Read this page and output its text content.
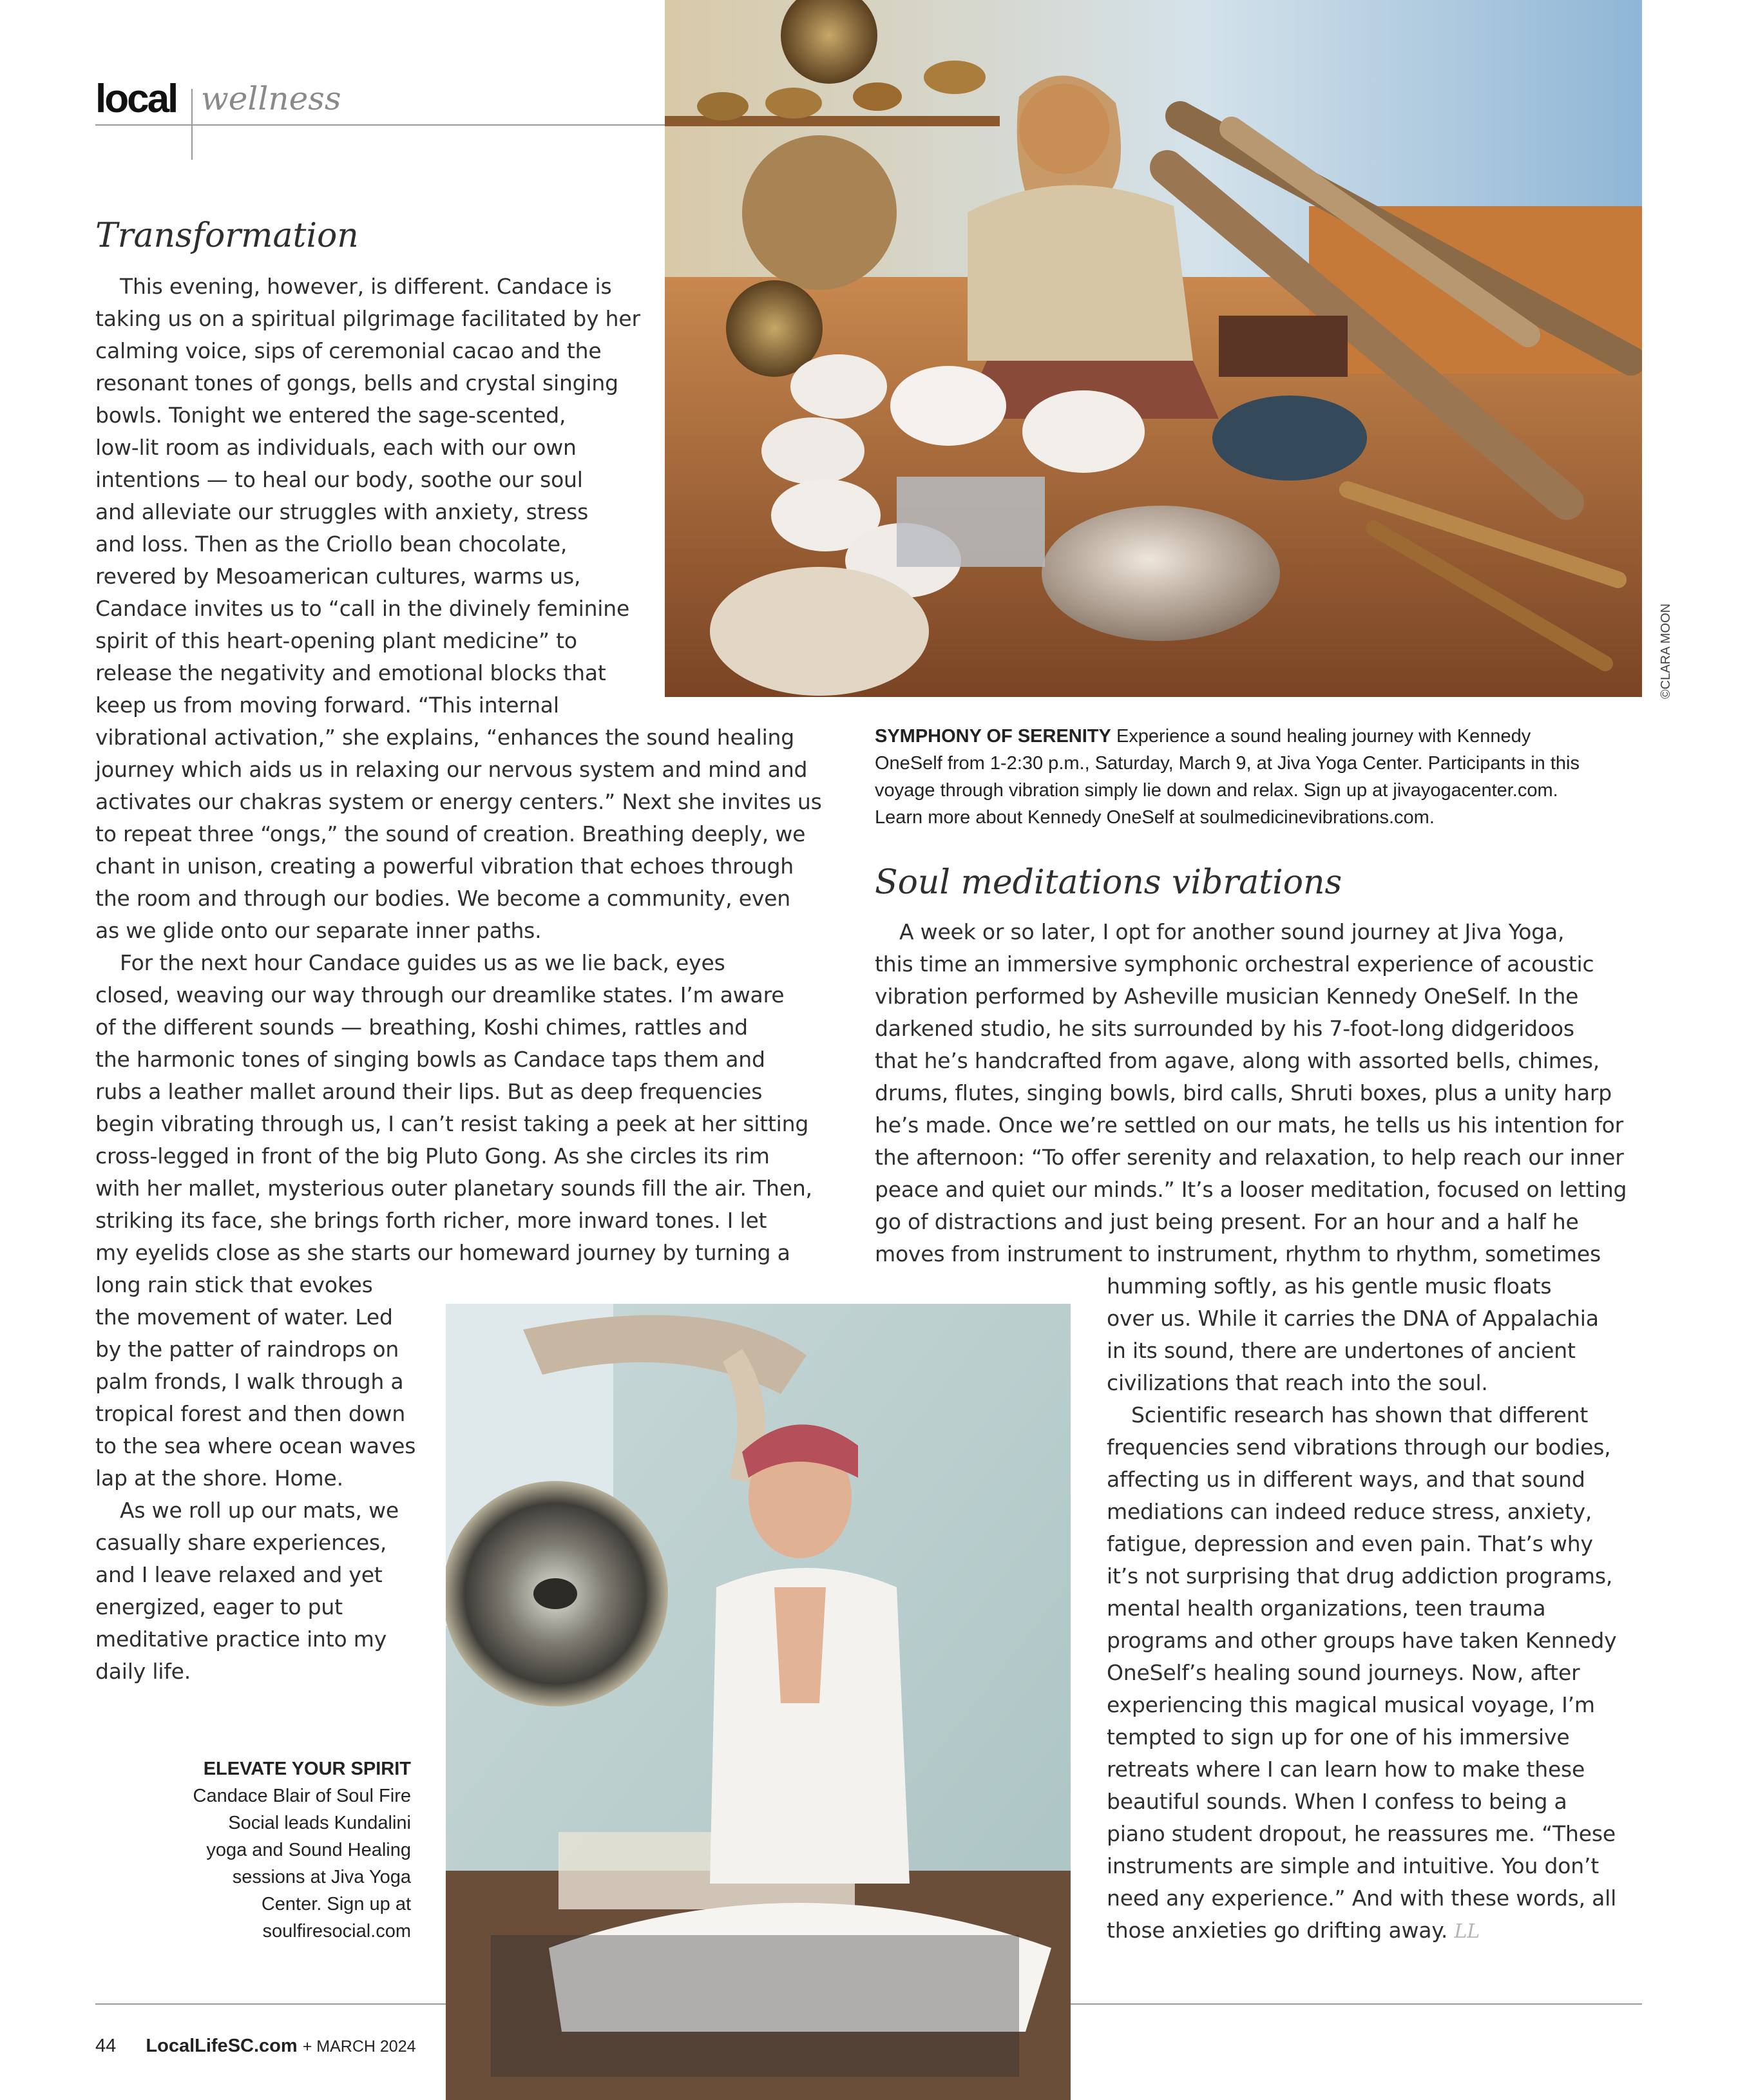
local wellness
©CLARA MOON
Transformation
This evening, however, is different. Candace is
taking us on a spiritual pilgrimage facilitated by her
calming voice, sips of ceremonial cacao and the
resonant tones of gongs, bells and crystal singing
bowls. Tonight we entered the sage-scented,
low-lit room as individuals, each with our own
intentions — to heal our body, soothe our soul
and alleviate our struggles with anxiety, stress
and loss. Then as the Criollo bean chocolate,
revered by Mesoamerican cultures, warms us,
Candace invites us to “call in the divinely feminine
spirit of this heart-opening plant medicine” to
release the negativity and emotional blocks that
keep us from moving forward. “This internal
vibrational activation,” she explains, “enhances the sound healing
journey which aids us in relaxing our nervous system and mind and
activates our chakras system or energy centers.” Next she invites us
to repeat three “ongs,” the sound of creation. Breathing deeply, we
chant in unison, creating a powerful vibration that echoes through
the room and through our bodies. We become a community, even
as we glide onto our separate inner paths.
For the next hour Candace guides us as we lie back, eyes
closed, weaving our way through our dreamlike states. I’m aware
of the different sounds — breathing, Koshi chimes, rattles and
the harmonic tones of singing bowls as Candace taps them and
rubs a leather mallet around their lips. But as deep frequencies
begin vibrating through us, I can’t resist taking a peek at her sitting
cross-legged in front of the big Pluto Gong. As she circles its rim
with her mallet, mysterious outer planetary sounds fill the air. Then,
striking its face, she brings forth richer, more inward tones. I let
my eyelids close as she starts our homeward journey by turning a
long rain stick that evokes
the movement of water. Led
by the patter of raindrops on
palm fronds, I walk through a
tropical forest and then down
to the sea where ocean waves
lap at the shore. Home.
As we roll up our mats, we
casually share experiences,
and I leave relaxed and yet
energized, eager to put
meditative practice into my
daily life.
ELEVATE YOUR SPIRIT
Candace Blair of Soul Fire
Social leads Kundalini
yoga and Sound Healing
sessions at Jiva Yoga
Center. Sign up at
soulfiresocial.com
SYMPHONY OF SERENITY Experience a sound healing journey with Kennedy
OneSelf from 1-2:30 p.m., Saturday, March 9, at Jiva Yoga Center. Participants in this
voyage through vibration simply lie down and relax. Sign up at jivayogacenter.com.
Learn more about Kennedy OneSelf at soulmedicinevibrations.com.
Soul meditations vibrations
A week or so later, I opt for another sound journey at Jiva Yoga,
this time an immersive symphonic orchestral experience of acoustic
vibration performed by Asheville musician Kennedy OneSelf. In the
darkened studio, he sits surrounded by his 7-foot-long didgeridoos
that he’s handcrafted from agave, along with assorted bells, chimes,
drums, flutes, singing bowls, bird calls, Shruti boxes, plus a unity harp
he’s made. Once we’re settled on our mats, he tells us his intention for
the afternoon: “To offer serenity and relaxation, to help reach our inner
peace and quiet our minds.” It’s a looser meditation, focused on letting
go of distractions and just being present. For an hour and a half he
moves from instrument to instrument, rhythm to rhythm, sometimes
humming softly, as his gentle music floats
over us. While it carries the DNA of Appalachia
in its sound, there are undertones of ancient
civilizations that reach into the soul.
Scientific research has shown that different
frequencies send vibrations through our bodies,
affecting us in different ways, and that sound
mediations can indeed reduce stress, anxiety,
fatigue, depression and even pain. That’s why
it’s not surprising that drug addiction programs,
mental health organizations, teen trauma
programs and other groups have taken Kennedy
OneSelf’s healing sound journeys. Now, after
experiencing this magical musical voyage, I’m
tempted to sign up for one of his immersive
retreats where I can learn how to make these
beautiful sounds. When I confess to being a
piano student dropout, he reassures me. “These
instruments are simple and intuitive. You don’t
need any experience.” And with these words, all
those anxieties go drifting away. LL
44 LocalLifeSC.com + MARCH 2024
